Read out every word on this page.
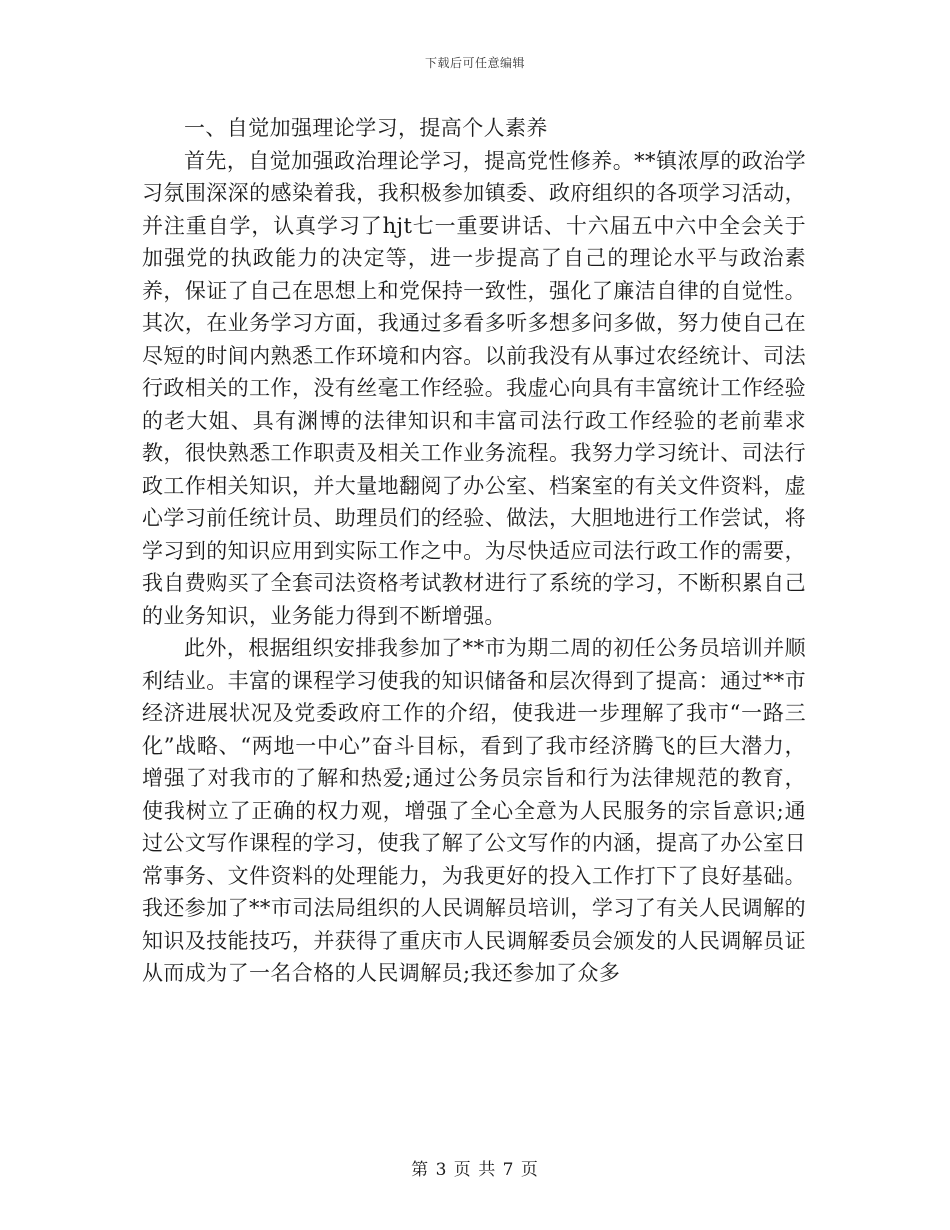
下载后可任意编辑

一、自觉加强理论学习，提高个人素养

首先，自觉加强政治理论学习，提高党性修养。**镇浓厚的政治学习氛围深深的感染着我，我积极参加镇委、政府组织的各项学习活动，并注重自学，认真学习了hjt七一重要讲话、十六届五中六中全会关于加强党的执政能力的决定等，进一步提高了自己的理论水平与政治素养，保证了自己在思想上和党保持一致性，强化了廉洁自律的自觉性。其次，在业务学习方面，我通过多看多听多想多问多做，努力使自己在尽短的时间内熟悉工作环境和内容。以前我没有从事过农经统计、司法行政相关的工作，没有丝毫工作经验。我虚心向具有丰富统计工作经验的老大姐、具有渊博的法律知识和丰富司法行政工作经验的老前辈求教，很快熟悉工作职责及相关工作业务流程。我努力学习统计、司法行政工作相关知识，并大量地翻阅了办公室、档案室的有关文件资料，虚心学习前任统计员、助理员们的经验、做法，大胆地进行工作尝试，将学习到的知识应用到实际工作之中。为尽快适应司法行政工作的需要，我自费购买了全套司法资格考试教材进行了系统的学习，不断积累自己的业务知识，业务能力得到不断增强。

此外，根据组织安排我参加了**市为期二周的初任公务员培训并顺利结业。丰富的课程学习使我的知识储备和层次得到了提高：通过**市经济进展状况及党委政府工作的介绍，使我进一步理解了我市“一路三化”战略、“两地一中心”奋斗目标，看到了我市经济腾飞的巨大潜力，增强了对我市的了解和热爱;通过公务员宗旨和行为法律规范的教育，使我树立了正确的权力观，增强了全心全意为人民服务的宗旨意识;通过公文写作课程的学习，使我了解了公文写作的内涵，提高了办公室日常事务、文件资料的处理能力，为我更好的投入工作打下了良好基础。我还参加了**市司法局组织的人民调解员培训，学习了有关人民调解的知识及技能技巧，并获得了重庆市人民调解委员会颁发的人民调解员证从而成为了一名合格的人民调解员;我还参加了众多

第 3 页 共 7 页
